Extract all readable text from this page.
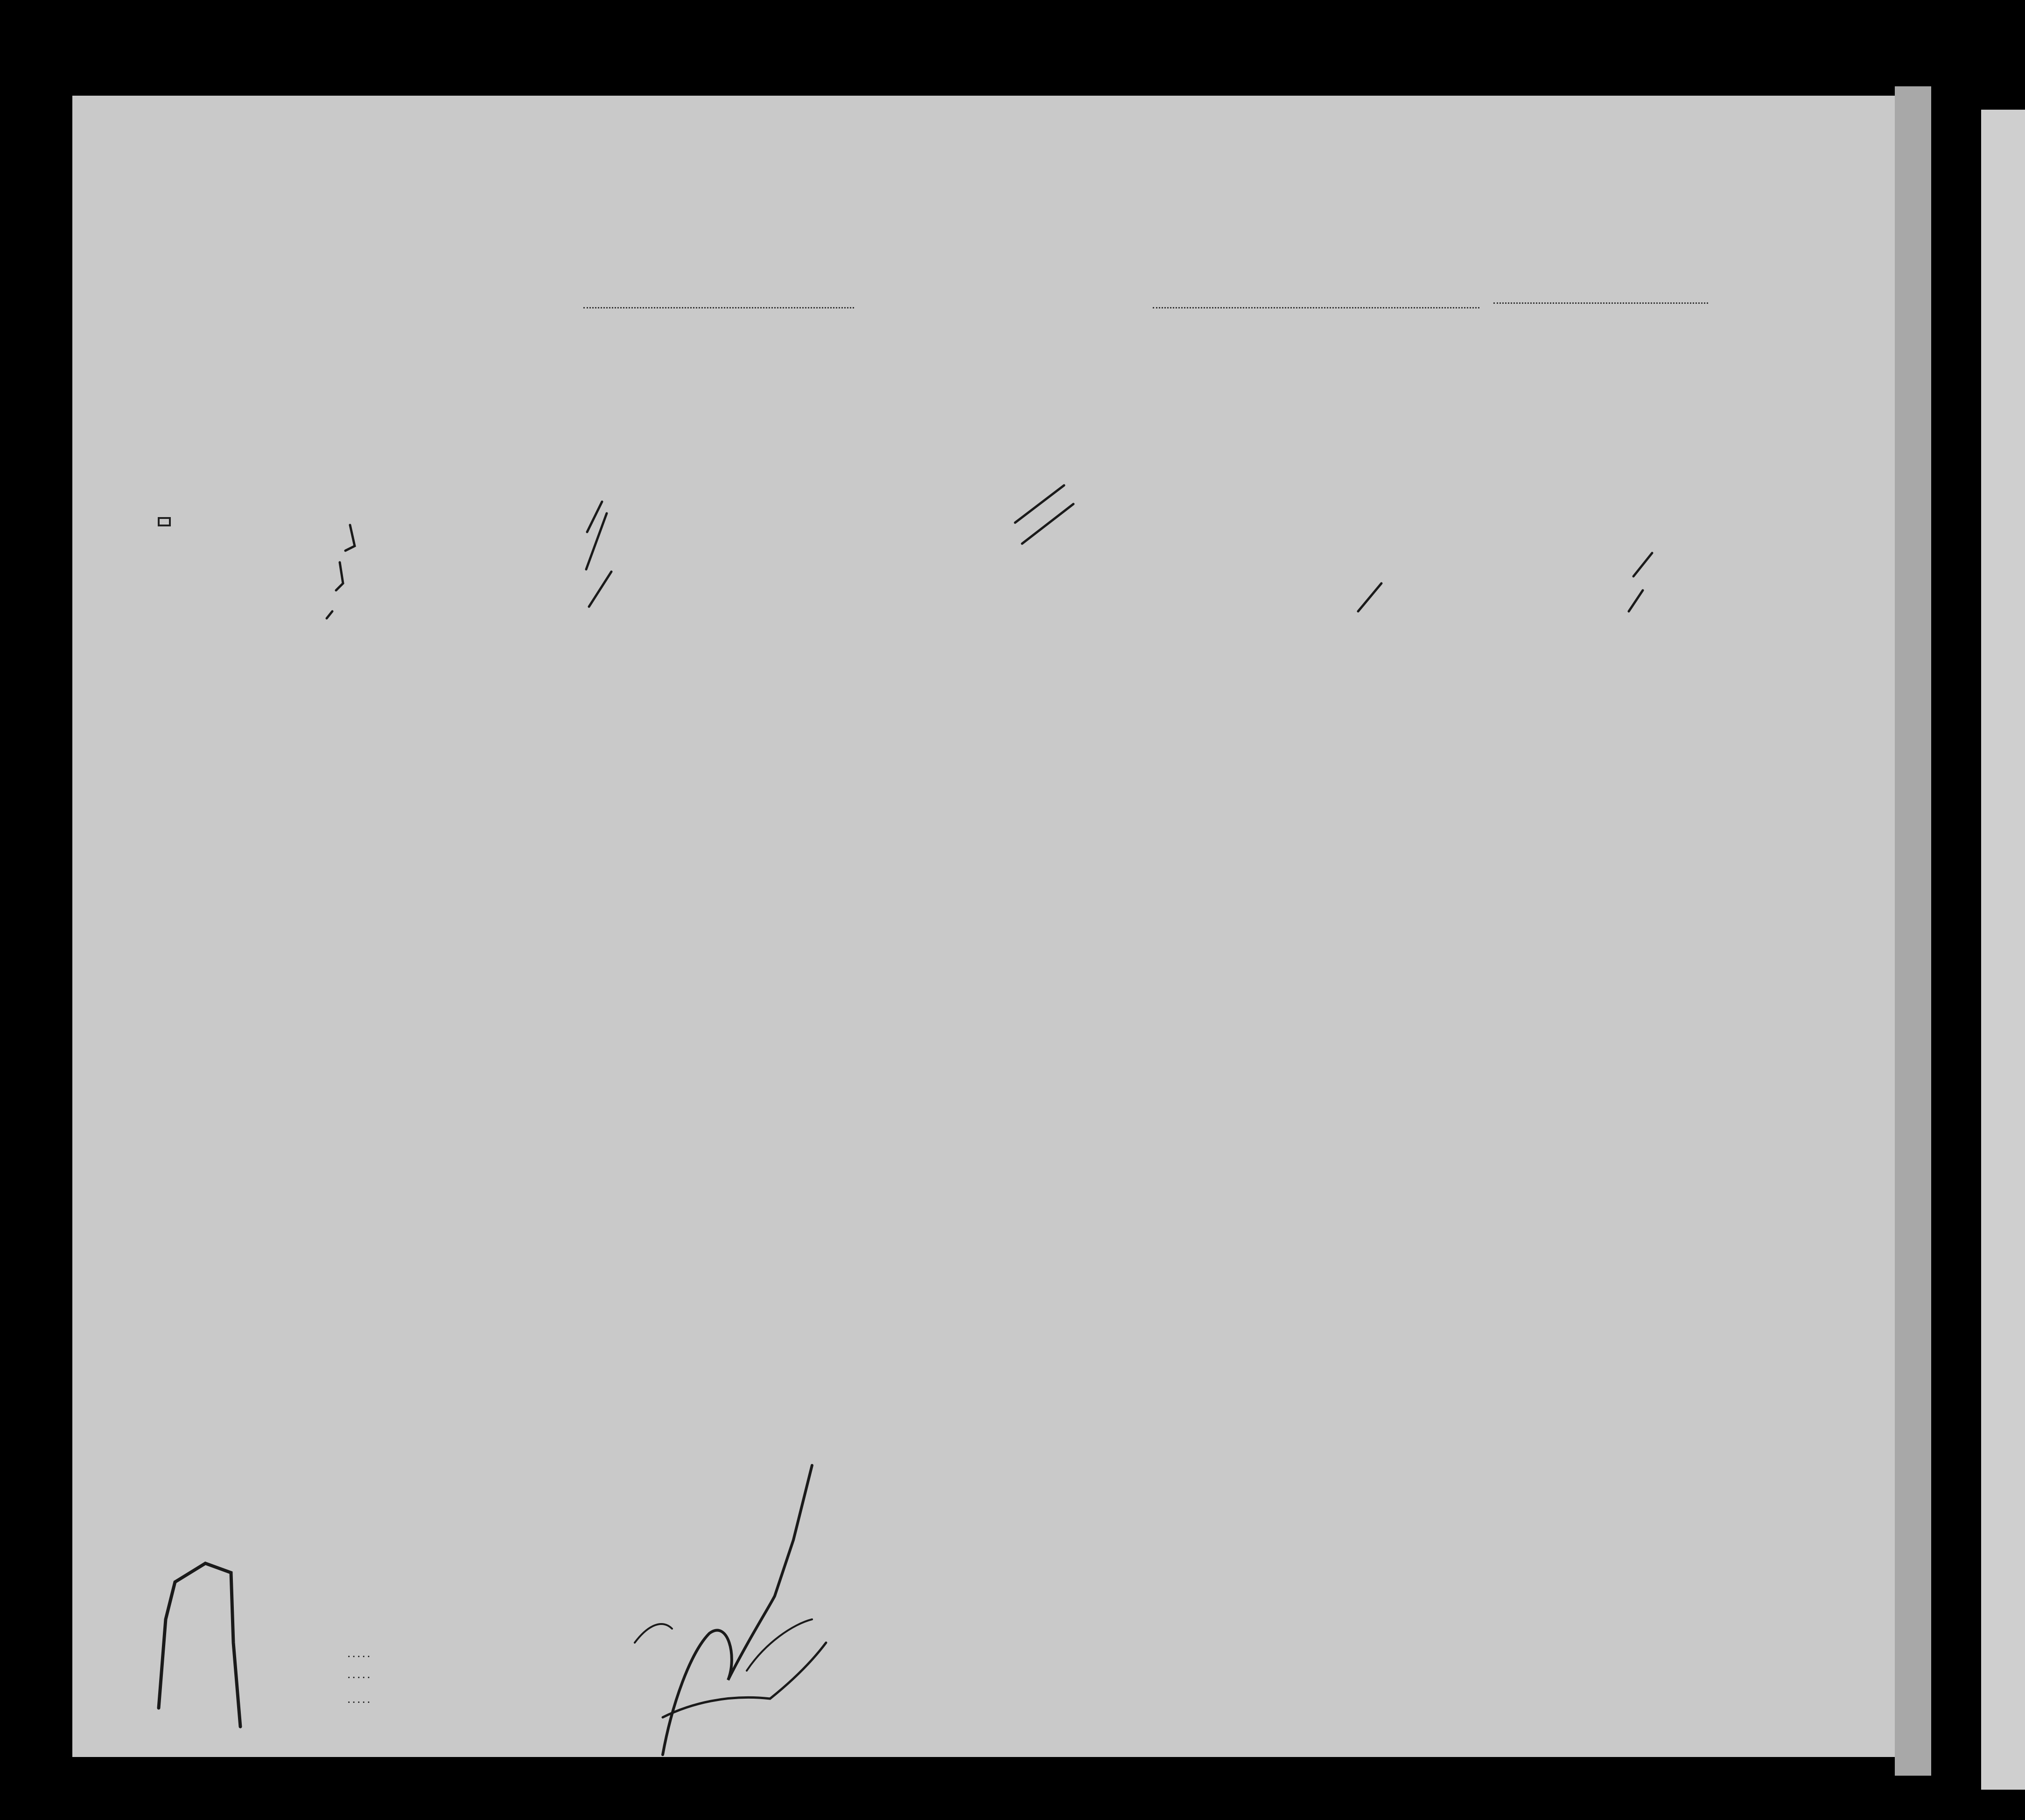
. . . . .
. . . . .
. . . . .
